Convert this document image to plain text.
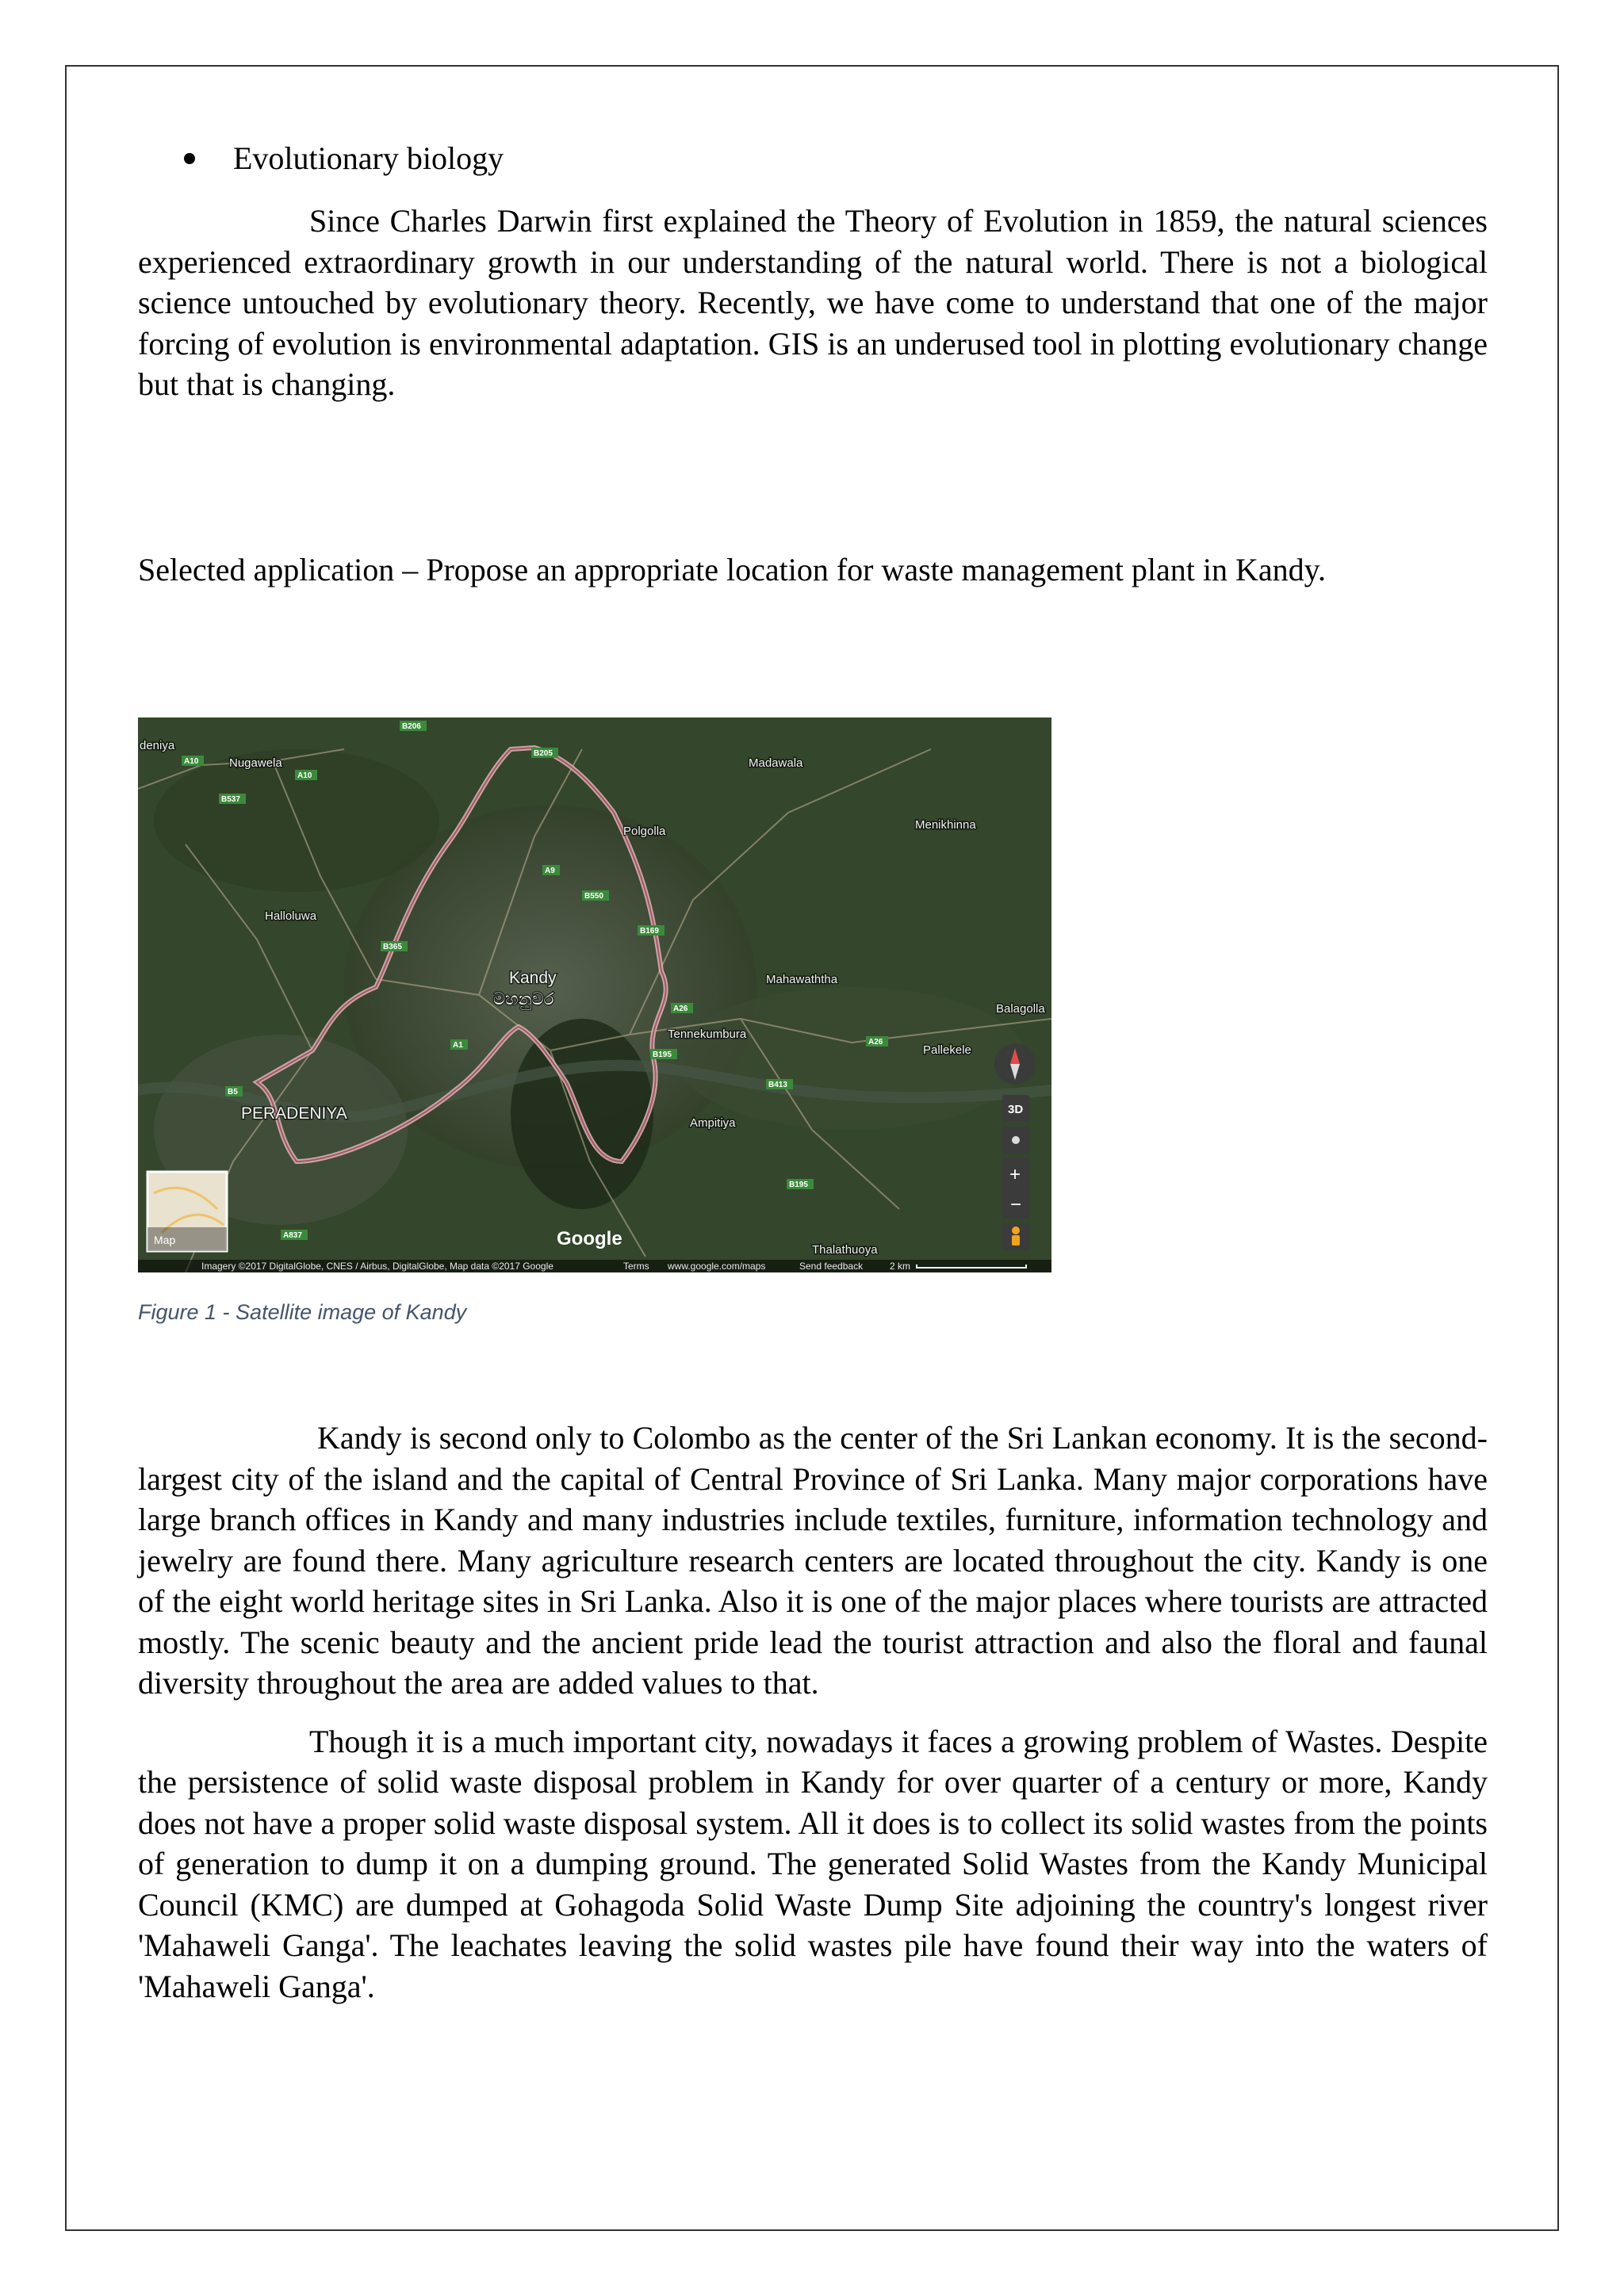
Evolutionary biology

Since Charles Darwin first explained the Theory of Evolution in 1859, the natural sciences experienced extraordinary growth in our understanding of the natural world. There is not a biological science untouched by evolutionary theory. Recently, we have come to understand that one of the major forcing of evolution is environmental adaptation. GIS is an underused tool in plotting evolutionary change but that is changing.

Selected application – Propose an appropriate location for waste management plant in Kandy.
deniya
Nugawela	Madawala
Polgolla	Menikhinna
Halloluwa
Kandy
මහනුවර
Mahawaththa
Balagolla
Tennekumbura
Pallekele
PERADENIYA
Ampitiya
Thalathuoya
A10
B537
A10
B206
B205
A9
B550
B365
B169
A26
A26
A1
B195
B413
B5
B195
A837
Map	Google
3D
+
−
Imagery ©2017 DigitalGlobe, CNES / Airbus, DigitalGlobe, Map data ©2017 Google	Terms www.google.com/maps	Send feedback	2 km
Figure 1 - Satellite image of Kandy

Kandy is second only to Colombo as the center of the Sri Lankan economy. It is the second-largest city of the island and the capital of Central Province of Sri Lanka. Many major corporations have large branch offices in Kandy and many industries include textiles, furniture, information technology and jewelry are found there. Many agriculture research centers are located throughout the city. Kandy is one of the eight world heritage sites in Sri Lanka. Also it is one of the major places where tourists are attracted mostly. The scenic beauty and the ancient pride lead the tourist attraction and also the floral and faunal diversity throughout the area are added values to that.

Though it is a much important city, nowadays it faces a growing problem of Wastes. Despite the persistence of solid waste disposal problem in Kandy for over quarter of a century or more, Kandy does not have a proper solid waste disposal system. All it does is to collect its solid wastes from the points of generation to dump it on a dumping ground. The generated Solid Wastes from the Kandy Municipal Council (KMC) are dumped at Gohagoda Solid Waste Dump Site adjoining the country's longest river 'Mahaweli Ganga'. The leachates leaving the solid wastes pile have found their way into the waters of 'Mahaweli Ganga'.
